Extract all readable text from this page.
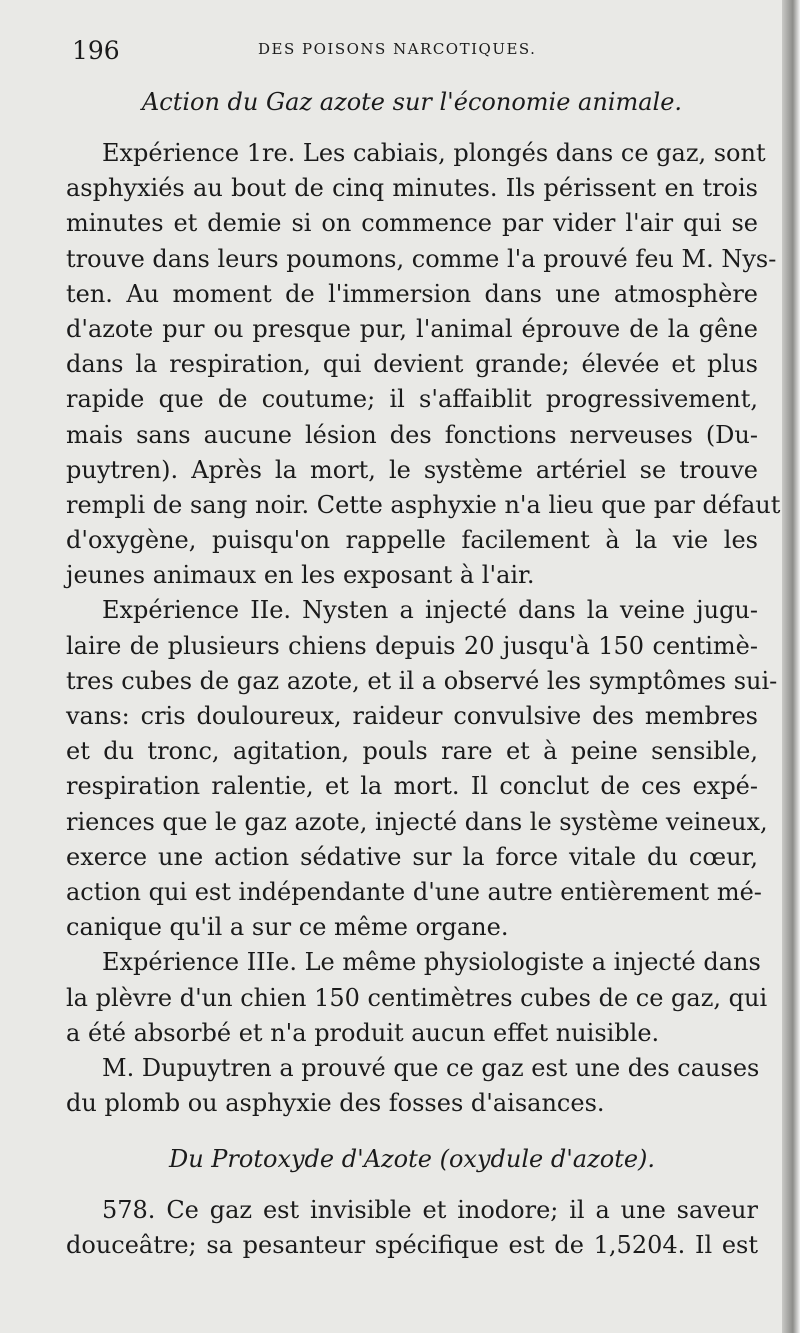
196	DES POISONS NARCOTIQUES.
Action du Gaz azote sur l'économie animale.

Expérience 1re. Les cabiais, plongés dans ce gaz, sont
asphyxiés au bout de cinq minutes. Ils périssent en trois
minutes et demie si on commence par vider l'air qui se
trouve dans leurs poumons, comme l'a prouvé feu M. Nys-
ten. Au moment de l'immersion dans une atmosphère
d'azote pur ou presque pur, l'animal éprouve de la gêne
dans la respiration, qui devient grande; élevée et plus
rapide que de coutume; il s'affaiblit progressivement,
mais sans aucune lésion des fonctions nerveuses (Du-
puytren). Après la mort, le système artériel se trouve
rempli de sang noir. Cette asphyxie n'a lieu que par défaut
d'oxygène, puisqu'on rappelle facilement à la vie les
jeunes animaux en les exposant à l'air.

Expérience IIe. Nysten a injecté dans la veine jugu-
laire de plusieurs chiens depuis 20 jusqu'à 150 centimè-
tres cubes de gaz azote, et il a observé les symptômes sui-
vans: cris douloureux, raideur convulsive des membres
et du tronc, agitation, pouls rare et à peine sensible,
respiration ralentie, et la mort. Il conclut de ces expé-
riences que le gaz azote, injecté dans le système veineux,
exerce une action sédative sur la force vitale du cœur,
action qui est indépendante d'une autre entièrement mé-
canique qu'il a sur ce même organe.

Expérience IIIe. Le même physiologiste a injecté dans
la plèvre d'un chien 150 centimètres cubes de ce gaz, qui
a été absorbé et n'a produit aucun effet nuisible.

M. Dupuytren a prouvé que ce gaz est une des causes
du plomb ou asphyxie des fosses d'aisances.

Du Protoxyde d'Azote (oxydule d'azote).

578. Ce gaz est invisible et inodore; il a une saveur
douceâtre; sa pesanteur spécifique est de 1,5204. Il est
